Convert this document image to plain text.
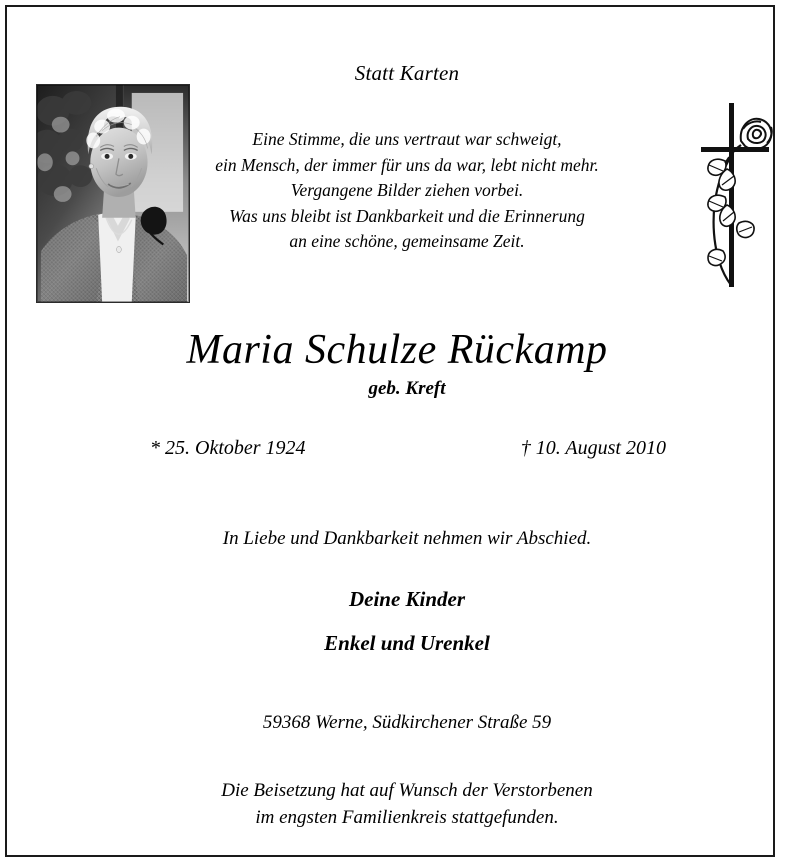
Statt Karten
Eine Stimme, die uns vertraut war schweigt,
ein Mensch, der immer für uns da war, lebt nicht mehr.
Vergangene Bilder ziehen vorbei.
Was uns bleibt ist Dankbarkeit und die Erinnerung
an eine schöne, gemeinsame Zeit.
Maria Schulze Rückamp
geb. Kreft
* 25. Oktober 1924	† 10. August 2010
In Liebe und Dankbarkeit nehmen wir Abschied.
Deine Kinder
Enkel und Urenkel
59368 Werne, Südkirchener Straße 59
Die Beisetzung hat auf Wunsch der Verstorbenen
im engsten Familienkreis stattgefunden.
